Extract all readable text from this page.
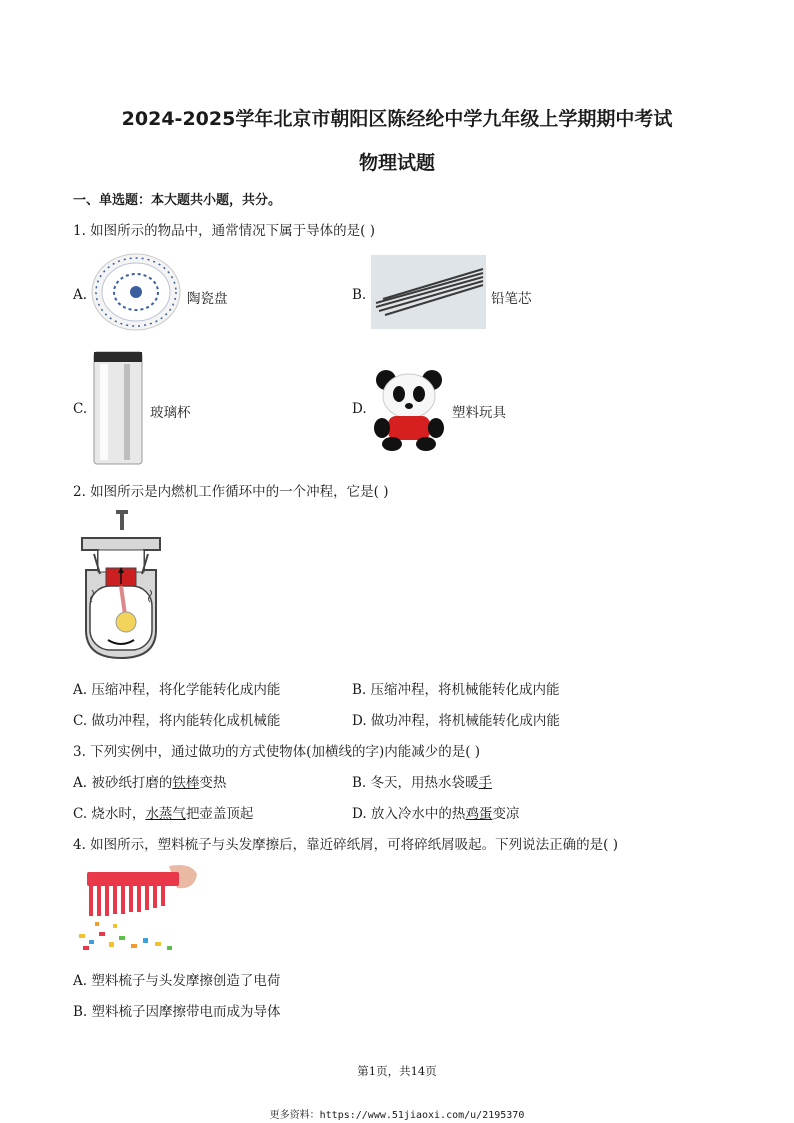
2024-2025学年北京市朝阳区陈经纶中学九年级上学期期中考试
物理试题
一、单选题：本大题共小题，共分。
1. 如图所示的物品中，通常情况下属于导体的是( )
A.	陶瓷盘	B.	铅笔芯
C.	玻璃杯	D.	塑料玩具
2. 如图所示是内燃机工作循环中的一个冲程，它是( )
A. 压缩冲程，将化学能转化成内能	B. 压缩冲程，将机械能转化成内能
C. 做功冲程，将内能转化成机械能	D. 做功冲程，将机械能转化成内能
3. 下列实例中，通过做功的方式使物体(加横线的字)内能减少的是( )
A. 被砂纸打磨的铁棒变热	B. 冬天，用热水袋暖手
C. 烧水时，水蒸气把壶盖顶起	D. 放入冷水中的热鸡蛋变凉
4. 如图所示，塑料梳子与头发摩擦后，靠近碎纸屑，可将碎纸屑吸起。下列说法正确的是( )
A. 塑料梳子与头发摩擦创造了电荷
B. 塑料梳子因摩擦带电而成为导体
第1页，共14页
更多资料：https://www.51jiaoxi.com/u/2195370
